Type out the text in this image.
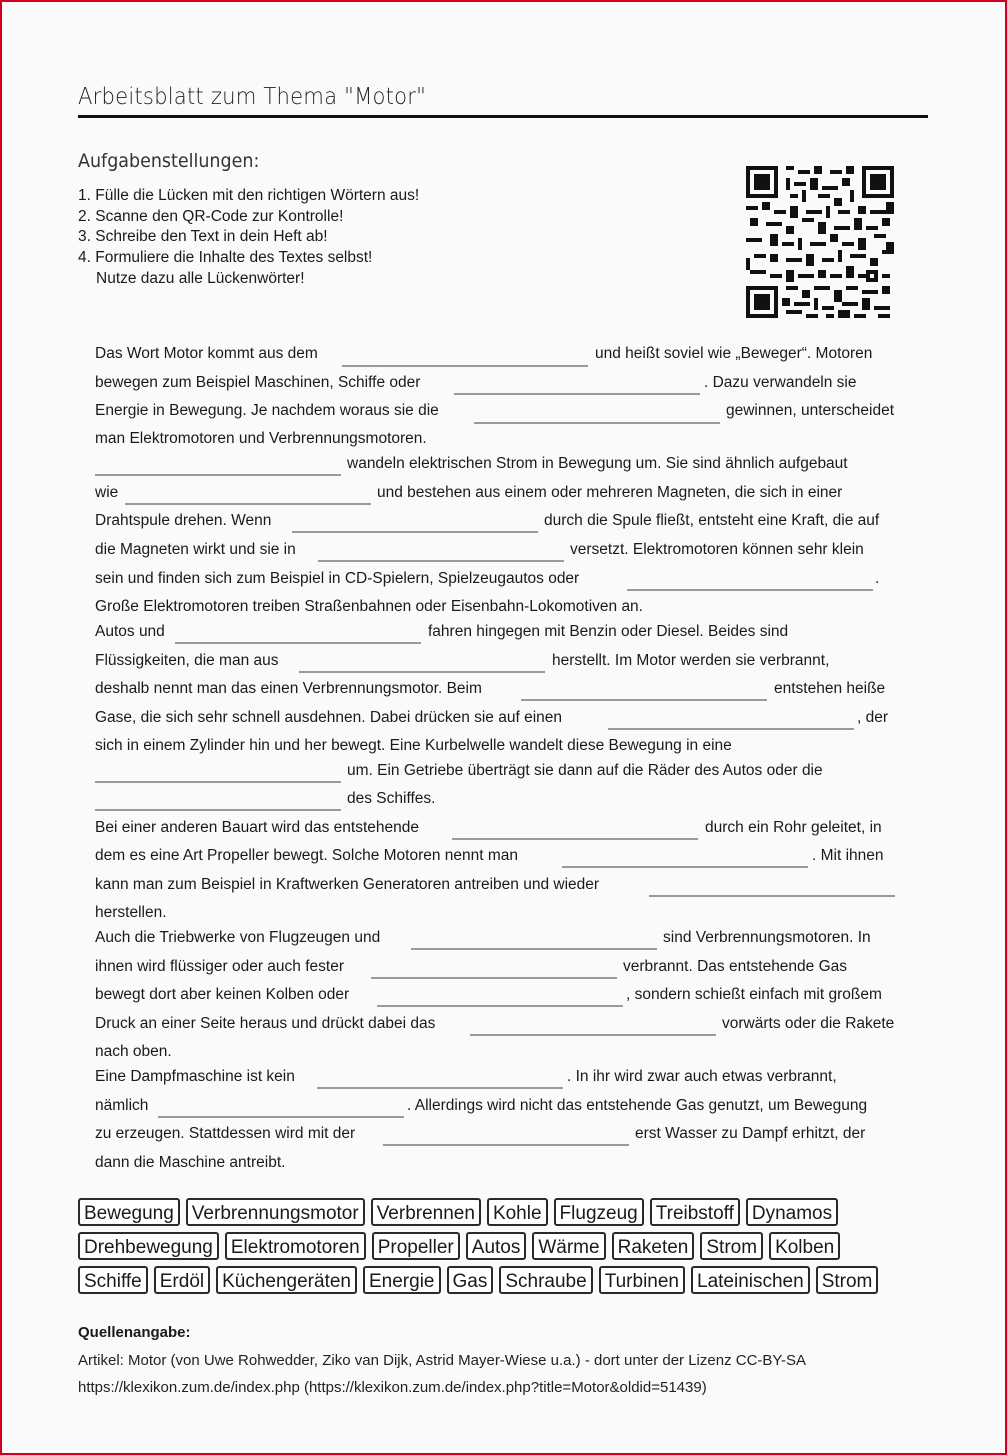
Arbeitsblatt zum Thema "Motor"
Aufgabenstellungen:
1. Fülle die Lücken mit den richtigen Wörtern aus!
2. Scanne den QR-Code zur Kontrolle!
3. Schreibe den Text in dein Heft ab!
4. Formuliere die Inhalte des Textes selbst!
Nutze dazu alle Lückenwörter!
Das Wort Motor kommt aus dem	und heißt soviel wie „Beweger“. Motoren
bewegen zum Beispiel Maschinen, Schiffe oder	. Dazu verwandeln sie
Energie in Bewegung. Je nachdem woraus sie die	gewinnen, unterscheidet
man Elektromotoren und Verbrennungsmotoren.
wandeln elektrischen Strom in Bewegung um. Sie sind ähnlich aufgebaut
wie	und bestehen aus einem oder mehreren Magneten, die sich in einer
Drahtspule drehen. Wenn	durch die Spule fließt, entsteht eine Kraft, die auf
die Magneten wirkt und sie in	versetzt. Elektromotoren können sehr klein
sein und finden sich zum Beispiel in CD-Spielern, Spielzeugautos oder	.
Große Elektromotoren treiben Straßenbahnen oder Eisenbahn-Lokomotiven an.
Autos und	fahren hingegen mit Benzin oder Diesel. Beides sind
Flüssigkeiten, die man aus	herstellt. Im Motor werden sie verbrannt,
deshalb nennt man das einen Verbrennungsmotor. Beim	entstehen heiße
Gase, die sich sehr schnell ausdehnen. Dabei drücken sie auf einen	, der
sich in einem Zylinder hin und her bewegt. Eine Kurbelwelle wandelt diese Bewegung in eine
um. Ein Getriebe überträgt sie dann auf die Räder des Autos oder die
des Schiffes.
Bei einer anderen Bauart wird das entstehende	durch ein Rohr geleitet, in
dem es eine Art Propeller bewegt. Solche Motoren nennt man	. Mit ihnen
kann man zum Beispiel in Kraftwerken Generatoren antreiben und wieder
herstellen.
Auch die Triebwerke von Flugzeugen und	sind Verbrennungsmotoren. In
ihnen wird flüssiger oder auch fester	verbrannt. Das entstehende Gas
bewegt dort aber keinen Kolben oder	, sondern schießt einfach mit großem
Druck an einer Seite heraus und drückt dabei das	vorwärts oder die Rakete
nach oben.
Eine Dampfmaschine ist kein	. In ihr wird zwar auch etwas verbrannt,
nämlich	. Allerdings wird nicht das entstehende Gas genutzt, um Bewegung
zu erzeugen. Stattdessen wird mit der	erst Wasser zu Dampf erhitzt, der
dann die Maschine antreibt.
Bewegung Verbrennungsmotor Verbrennen Kohle Flugzeug Treibstoff Dynamos
Drehbewegung Elektromotoren Propeller Autos Wärme Raketen Strom Kolben
Schiffe Erdöl Küchengeräten Energie Gas Schraube Turbinen Lateinischen Strom
Quellenangabe:
Artikel: Motor (von Uwe Rohwedder, Ziko van Dijk, Astrid Mayer-Wiese u.a.) - dort unter der Lizenz CC-BY-SA
https://klexikon.zum.de/index.php (https://klexikon.zum.de/index.php?title=Motor&oldid=51439)
